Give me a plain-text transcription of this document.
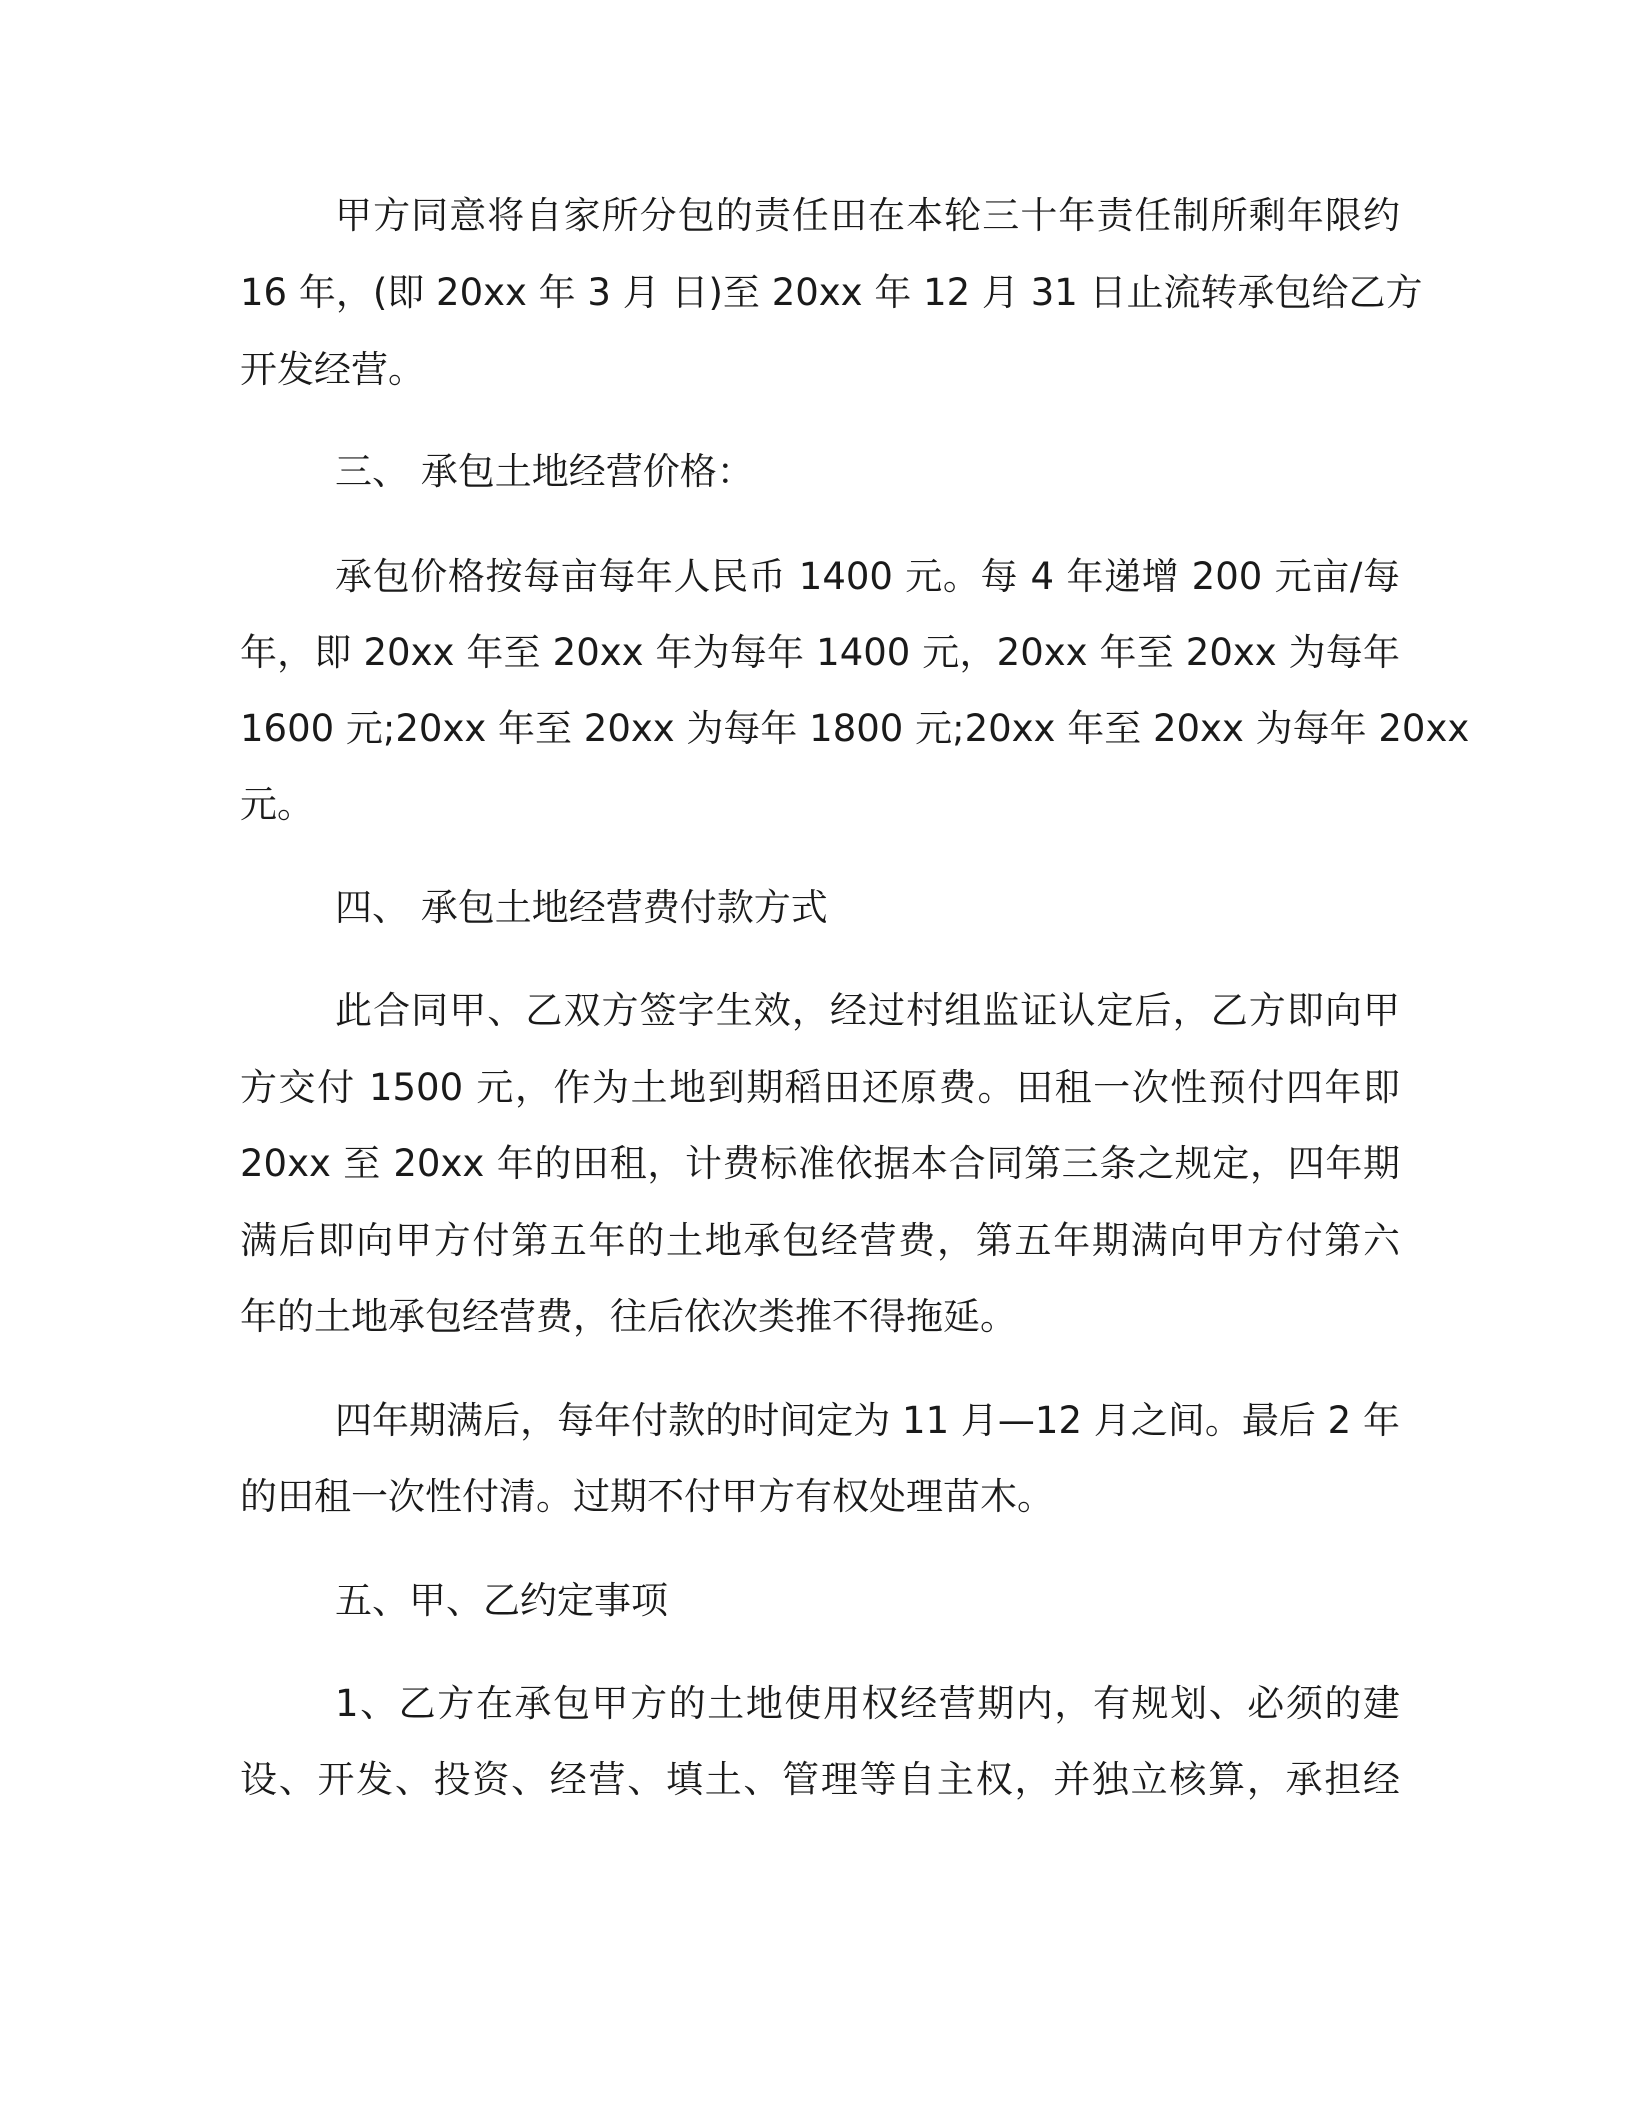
甲方同意将自家所分包的责任田在本轮三十年责任制所剩年限约
16 年，(即 20xx 年 3 月 日)至 20xx 年 12 月 31 日止流转承包给乙方
开发经营。
三、 承包土地经营价格：
承包价格按每亩每年人民币 1400 元。每 4 年递增 200 元亩/每
年，即 20xx 年至 20xx 年为每年 1400 元，20xx 年至 20xx 为每年
1600 元;20xx 年至 20xx 为每年 1800 元;20xx 年至 20xx 为每年 20xx
元。
四、 承包土地经营费付款方式
此合同甲、乙双方签字生效，经过村组监证认定后，乙方即向甲
方交付 1500 元，作为土地到期稻田还原费。田租一次性预付四年即
20xx 至 20xx 年的田租，计费标准依据本合同第三条之规定，四年期
满后即向甲方付第五年的土地承包经营费，第五年期满向甲方付第六
年的土地承包经营费，往后依次类推不得拖延。
四年期满后，每年付款的时间定为 11 月—12 月之间。最后 2 年
的田租一次性付清。过期不付甲方有权处理苗木。
五、甲、乙约定事项
1、乙方在承包甲方的土地使用权经营期内，有规划、必须的建
设、开发、投资、经营、填土、管理等自主权，并独立核算，承担经
